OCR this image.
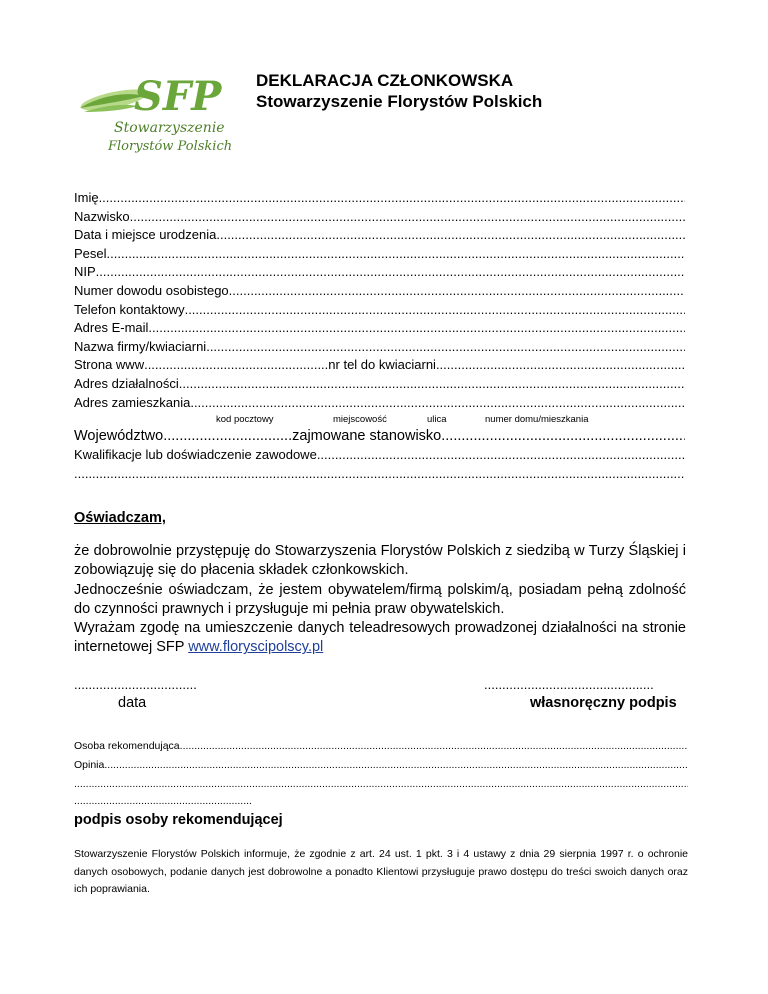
SFP
Stowarzyszenie
Florystów Polskich
DEKLARACJA CZŁONKOWSKA
Stowarzyszenie Florystów Polskich
Imię
.....
Nazwisko
.....
Data i miejsce urodzenia
.....
Pesel
.....
NIP
.....
Numer dowodu osobistego
.....
Telefon kontaktowy
.....
Adres E-mail
.....
Nazwa firmy/kwiaciarni
.....
Strona www ................................................... nr tel do kwiaciarni
.....
Adres działalności
.....
Adres zamieszkania
.....
kod pocztowy	miejscowość	ulica	numer domu/mieszkania
Województwo ................................ zajmowane stanowisko
.....
Kwalifikacje lub doświadczenie zawodowe
.....
.....
Oświadczam,

że dobrowolnie przystępuję do Stowarzyszenia Florystów Polskich z siedzibą w Turzy Śląskiej i zobowiązuję się do płacenia składek członkowskich.

Jednocześnie oświadczam, że jestem obywatelem/firmą polskim/ą, posiadam pełną zdolność do czynności prawnych i przysługuje mi pełnia praw obywatelskich.

Wyrażam zgodę na umieszczenie danych teleadresowych prowadzonej działalności na stronie internetowej SFP www.floryscipolscy.pl

..................................
data
...............................................
własnoręczny podpis
Osoba rekomendująca
.....
Opinia
.....
.....
.............................................................
podpis osoby rekomendującej
Stowarzyszenie Florystów Polskich informuje, że zgodnie z art. 24 ust. 1 pkt. 3 i 4 ustawy z dnia 29 sierpnia 1997 r. o ochronie danych osobowych, podanie danych jest dobrowolne a ponadto Klientowi przysługuje prawo dostępu do treści swoich danych oraz ich poprawiania.
